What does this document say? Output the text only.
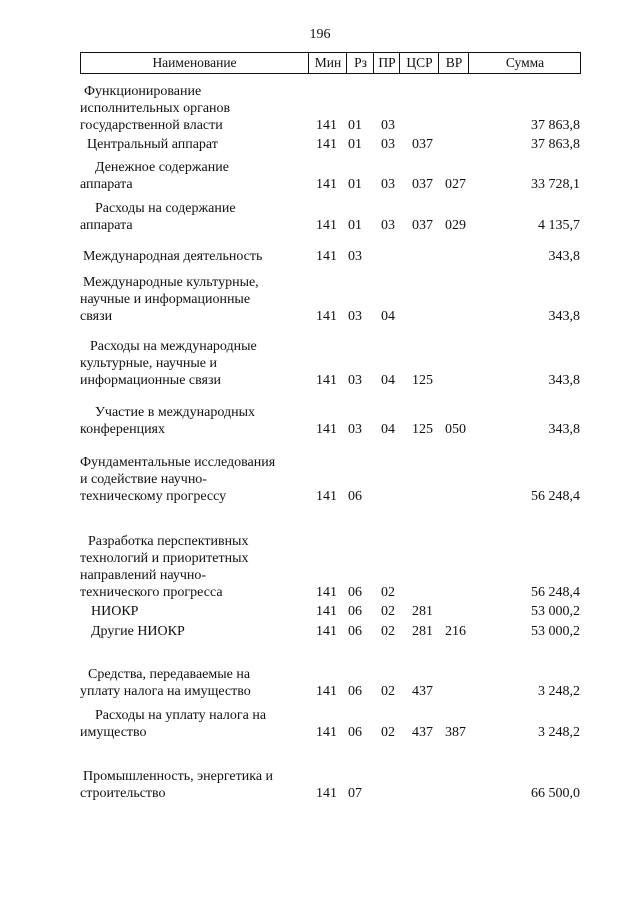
196
Наименование	Мин Рз ПР ЦСР ВР	Сумма
Функционирование
исполнительных органов
государственной власти	141 01 03	37 863,8
Центральный аппарат	141 01 03 037	37 863,8
Денежное содержание
аппарата	141 01 03 037 027	33 728,1
Расходы на содержание
аппарата	141 01 03 037 029	4 135,7
Международная деятельность	141 03	343,8
Международные культурные,
научные и информационные
связи	141 03 04	343,8
Расходы на международные
культурные, научные и
информационные связи	141 03 04 125	343,8
Участие в международных
конференциях	141 03 04 125 050	343,8
Фундаментальные исследования
и содействие научно-
техническому прогрессу	141 06	56 248,4
Разработка перспективных
технологий и приоритетных
направлений научно-
технического прогресса	141 06 02	56 248,4
НИОКР	141 06 02 281	53 000,2
Другие НИОКР	141 06 02 281 216	53 000,2
Средства, передаваемые на
уплату налога на имущество	141 06 02 437	3 248,2
Расходы на уплату налога на
имущество	141 06 02 437 387	3 248,2
Промышленность, энергетика и
строительство	141 07	66 500,0
